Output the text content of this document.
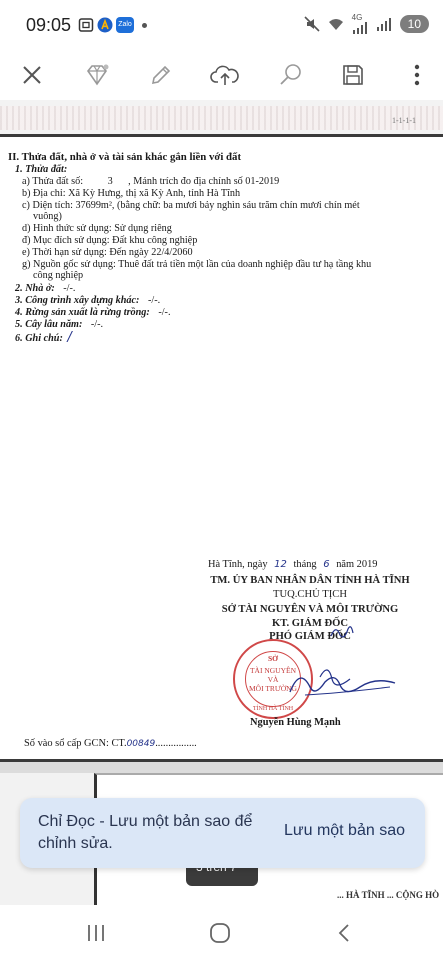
09:05	Zalo
4G	10
1-1-1-1
II. Thửa đất, nhà ở và tài sản khác gắn liền với đất
1. Thửa đất:
a) Thửa đất số: 3 , Mảnh trích đo địa chính số 01-2019
b) Địa chỉ: Xã Kỳ Hưng, thị xã Kỳ Anh, tỉnh Hà Tĩnh
c) Diện tích: 37699m², (bằng chữ: ba mươi bảy nghìn sáu trăm chín mươi chín mét
vuông)
d) Hình thức sử dụng: Sử dụng riêng
đ) Mục đích sử dụng: Đất khu công nghiệp
e) Thời hạn sử dụng: Đến ngày 22/4/2060
g) Nguồn gốc sử dụng: Thuê đất trả tiền một lần của doanh nghiệp đầu tư hạ tầng khu
công nghiệp
2. Nhà ở: -/-.
3. Công trình xây dựng khác: -/-.
4. Rừng sản xuất là rừng trồng: -/-.
5. Cây lâu năm: -/-.
6. Ghi chú: /
Hà Tĩnh, ngày 12 tháng 6 năm 2019
TM. ỦY BAN NHÂN DÂN TỈNH HÀ TĨNH
TUQ.CHỦ TỊCH
SỞ TÀI NGUYÊN VÀ MÔI TRƯỜNG
KT. GIÁM ĐỐC
PHÓ GIÁM ĐỐC
SỞ
TÀI NGUYÊN
VÀ
MÔI TRƯỜNG
TỈNH HÀ TĨNH
Nguyễn Hùng Mạnh
Số vào sổ cấp GCN: CT.00849................
... HÀ TĨNH ... CỘNG HÒ
Chỉ Đọc - Lưu một bản sao để chỉnh sửa.
Lưu một bản sao
